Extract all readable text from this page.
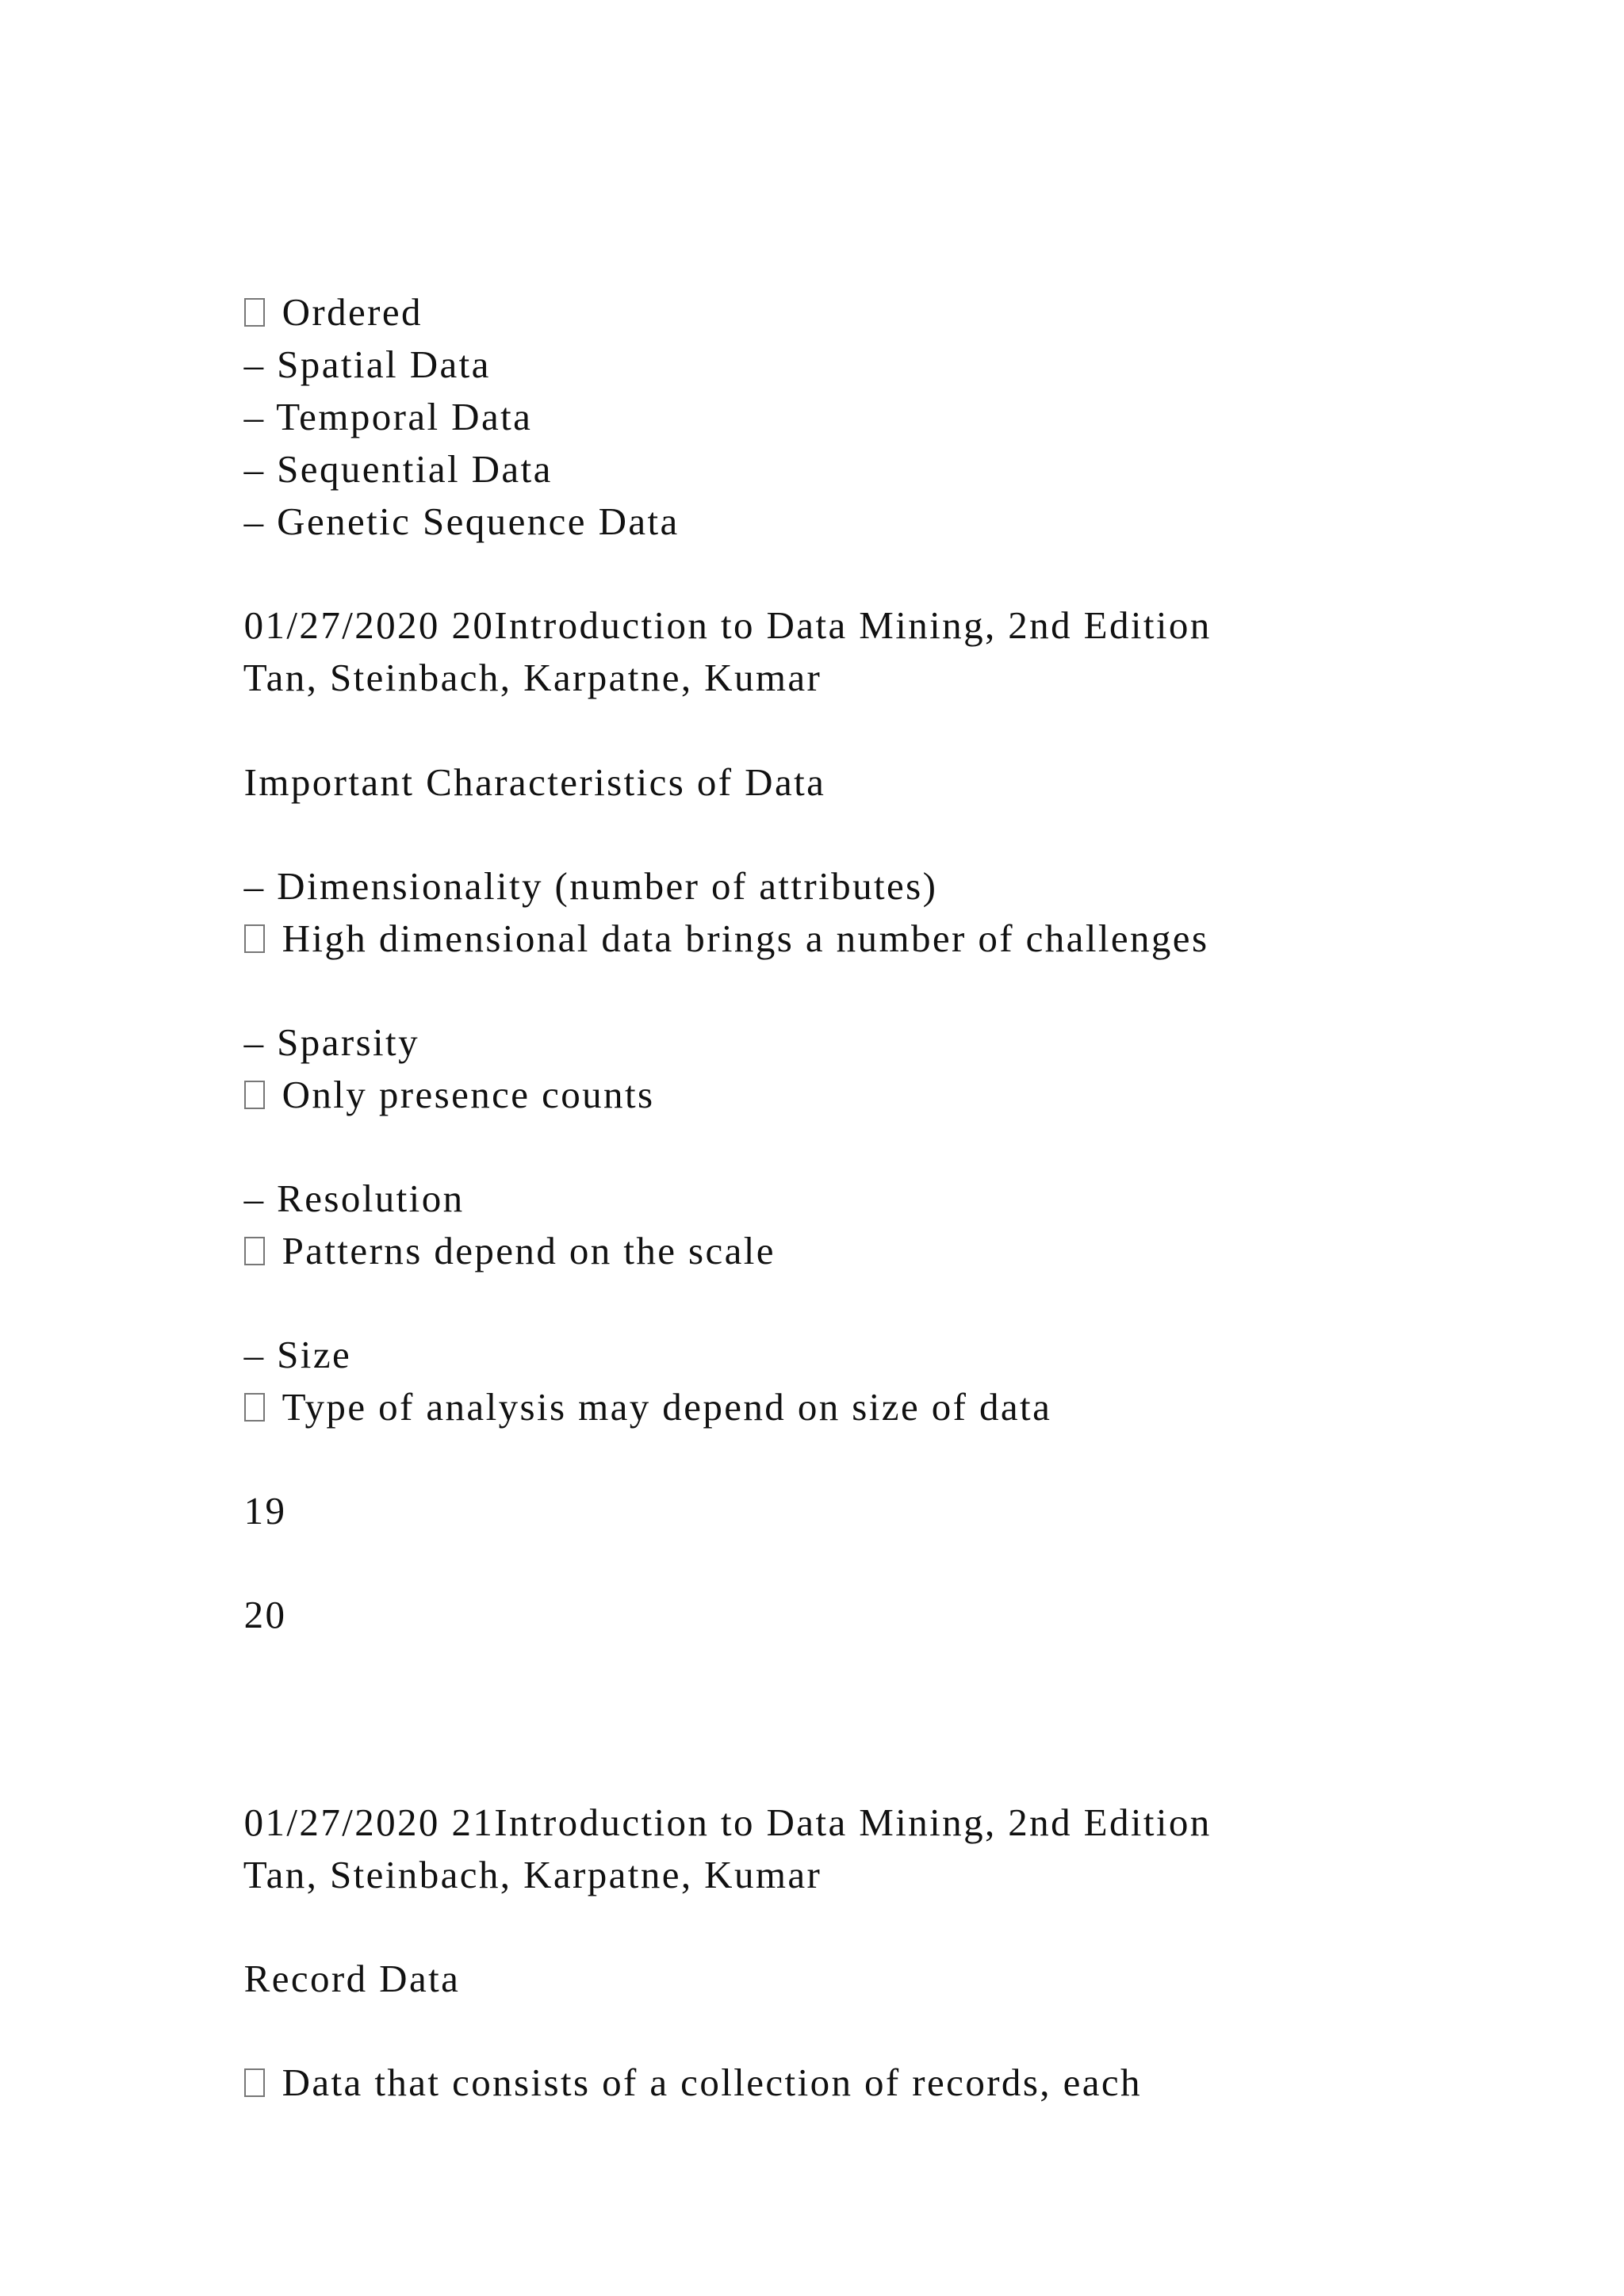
Ordered

– Spatial Data

– Temporal Data

– Sequential Data

– Genetic Sequence Data

01/27/2020 20Introduction to Data Mining, 2nd Edition

Tan, Steinbach, Karpatne, Kumar

Important Characteristics of Data

– Dimensionality (number of attributes)

High dimensional data brings a number of challenges

– Sparsity

Only presence counts

– Resolution

Patterns depend on the scale

– Size

Type of analysis may depend on size of data

19

20

01/27/2020 21Introduction to Data Mining, 2nd Edition

Tan, Steinbach, Karpatne, Kumar

Record Data

Data that consists of a collection of records, each
